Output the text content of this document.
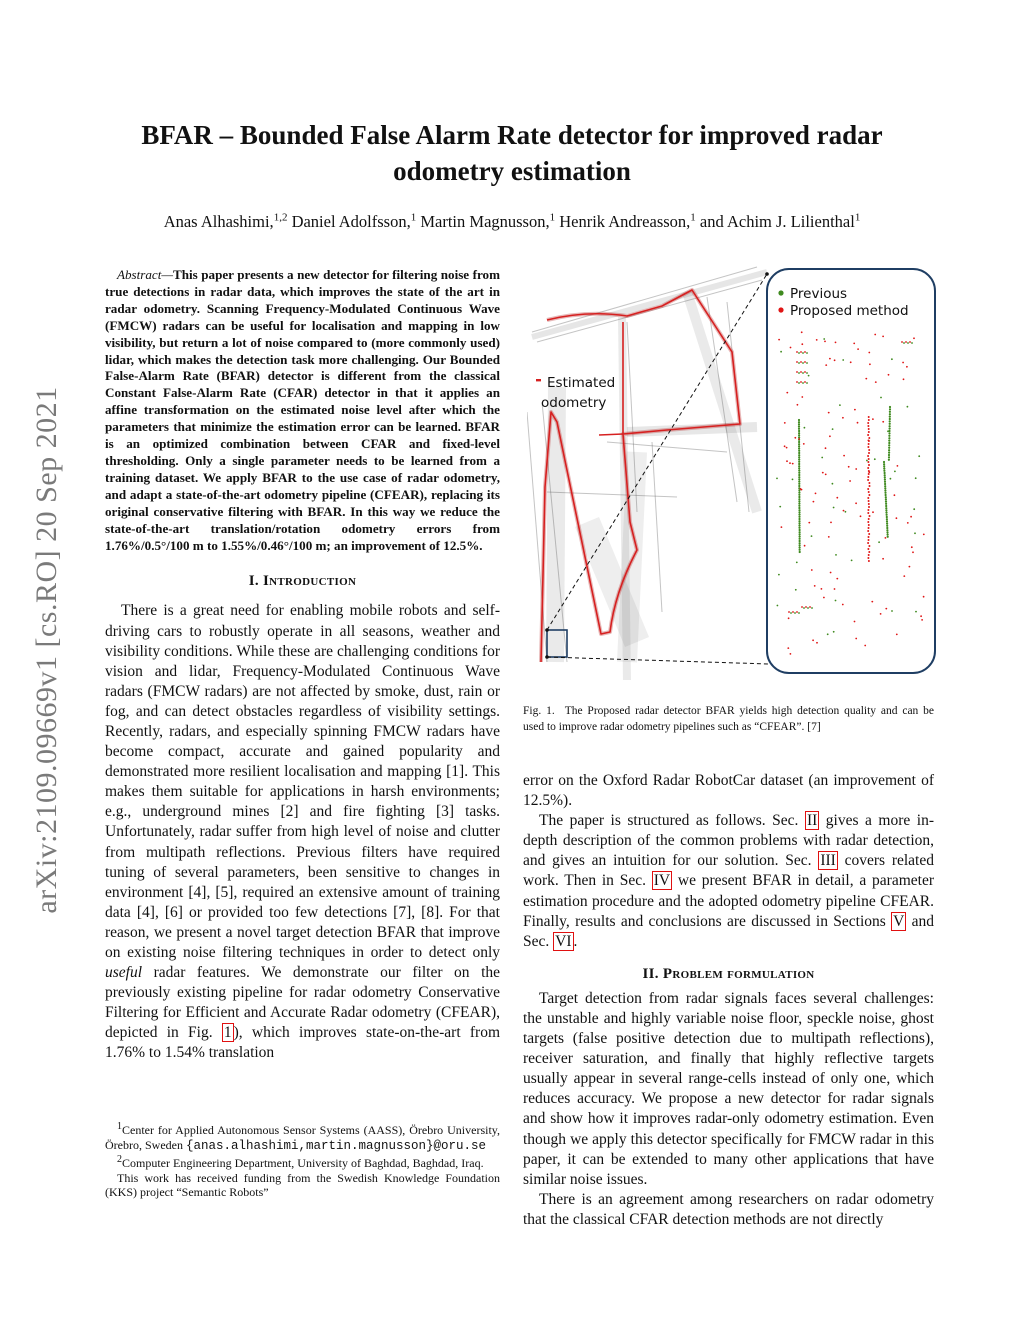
arXiv:2109.09669v1 [cs.RO] 20 Sep 2021
BFAR – Bounded False Alarm Rate detector for improved radar
odometry estimation
Anas Alhashimi,$^{1,2}$ Daniel Adolfsson,$^1$ Martin Magnusson,$^1$ Henrik Andreasson,$^1$ and Achim J. Lilienthal$^1$

Abstract—This paper presents a new detector for filtering noise from true detections in radar data, which improves the state of the art in radar odometry. Scanning Frequency-Modulated Continuous Wave (FMCW) radars can be useful for localisation and mapping in low visibility, but return a lot of noise compared to (more commonly used) lidar, which makes the detection task more challenging. Our Bounded False-Alarm Rate (BFAR) detector is different from the classical Constant False-Alarm Rate (CFAR) detector in that it applies an affine transformation on the estimated noise level after which the parameters that minimize the estimation error can be learned. BFAR is an optimized combination between CFAR and fixed-level thresholding. Only a single parameter needs to be learned from a training dataset. We apply BFAR to the use case of radar odometry, and adapt a state-of-the-art odometry pipeline (CFEAR), replacing its original conservative filtering with BFAR. In this way we reduce the state-of-the-art translation/rotation odometry errors from 1.76%/0.5°/100 m to 1.55%/0.46°/100 m; an improvement of 12.5%.

I. Introduction

There is a great need for enabling mobile robots and self-driving cars to robustly operate in all seasons, weather and visibility conditions. While these are challenging conditions for vision and lidar, Frequency-Modulated Continuous Wave radars (FMCW radars) are not affected by smoke, dust, rain or fog, and can detect obstacles regardless of visibility settings. Recently, radars, and especially spinning FMCW radars have become compact, accurate and gained popularity and demonstrated more resilient localisation and mapping [1]. This makes them suitable for applications in harsh environments; e.g., underground mines [2] and fire fighting [3] tasks. Unfortunately, radar suffer from high level of noise and clutter from multipath reflections. Previous filters have required tuning of several parameters, been sensitive to changes in environment [4], [5], required an extensive amount of training data [4], [6] or provided too few detections [7], [8]. For that reason, we present a novel target detection BFAR that improve on existing noise filtering techniques in order to detect only useful radar features. We demonstrate our filter on the previously existing pipeline for radar odometry Conservative Filtering for Efficient and Accurate Radar odometry (CFEAR), depicted in Fig. 1 ), which improves state-on-the-art from 1.76% to 1.54% translation

$^1$Center for Applied Autonomous Sensor Systems (AASS), Örebro University, Örebro, Sweden {anas.alhashimi,martin.magnusson}@oru.se

$^2$Computer Engineering Department, University of Baghdad, Baghdad, Iraq.

This work has received funding from the Swedish Knowledge Foundation (KKS) project “Semantic Robots”

Estimated
odometry
Previous
Proposed method
Fig. 1. The Proposed radar detector BFAR yields high detection quality and can be used to improve radar odometry pipelines such as “CFEAR”. [7]

error on the Oxford Radar RobotCar dataset (an improvement of 12.5%).

The paper is structured as follows. Sec. II gives a more in-depth description of the common problems with radar detection, and gives an intuition for our solution. Sec. III covers related work. Then in Sec. IV we present BFAR in detail, a parameter estimation procedure and the adopted odometry pipeline CFEAR. Finally, results and conclusions are discussed in Sections V and Sec. VI .

II. Problem formulation

Target detection from radar signals faces several challenges: the unstable and highly variable noise floor, speckle noise, ghost targets (false positive detection due to multipath reflections), receiver saturation, and finally that highly reflective targets usually appear in several range-cells instead of only one, which reduces accuracy. We propose a new detector for radar signals and show how it improves radar-only odometry estimation. Even though we apply this detector specifically for FMCW radar in this paper, it can be extended to many other applications that have similar noise issues.

There is an agreement among researchers on radar odometry that the classical CFAR detection methods are not directly
